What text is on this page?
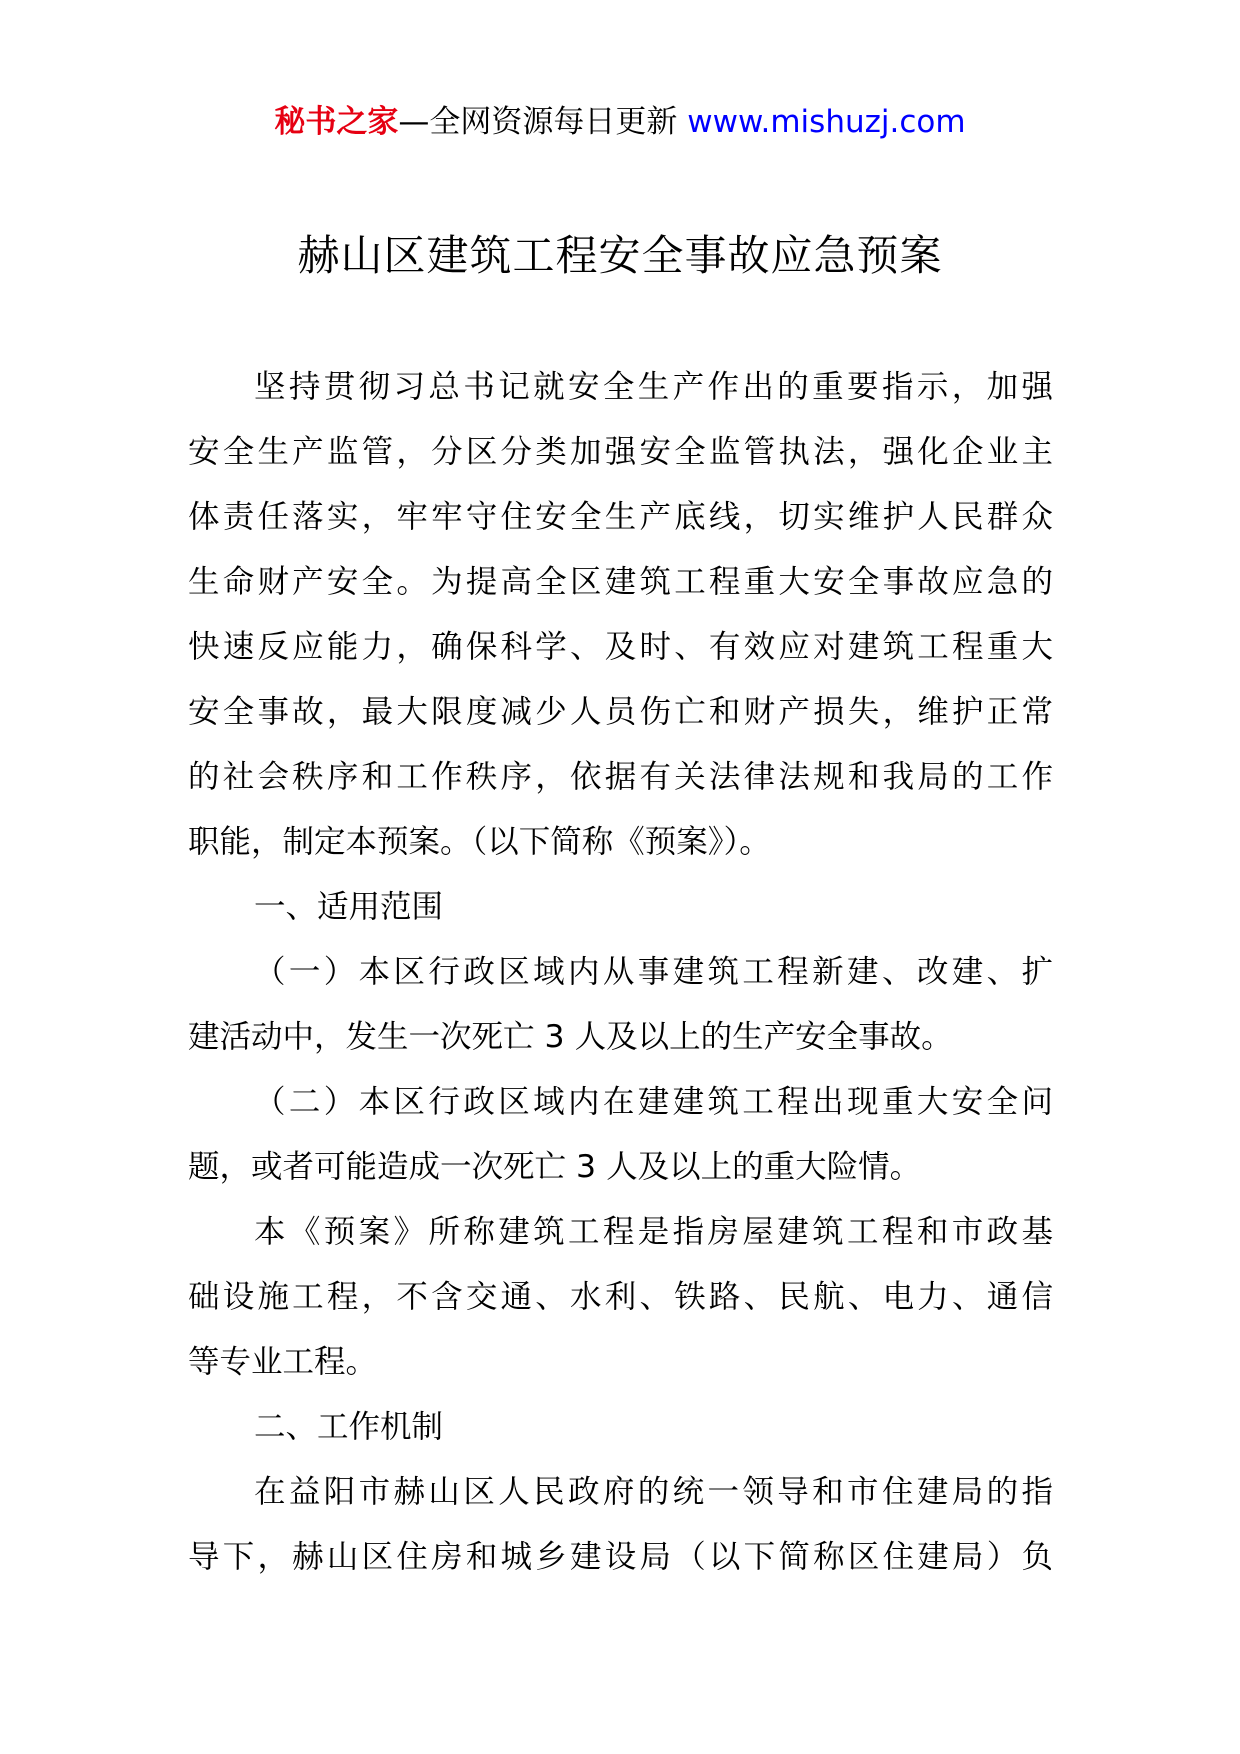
秘书之家—全网资源每日更新 www.mishuzj.com
赫山区建筑工程安全事故应急预案
坚持贯彻习总书记就安全生产作出的重要指示，加强
安全生产监管，分区分类加强安全监管执法，强化企业主
体责任落实，牢牢守住安全生产底线，切实维护人民群众
生命财产安全。为提高全区建筑工程重大安全事故应急的
快速反应能力，确保科学、及时、有效应对建筑工程重大
安全事故，最大限度减少人员伤亡和财产损失，维护正常
的社会秩序和工作秩序，依据有关法律法规和我局的工作
职能，制定本预案。（以下简称《预案》）。
一、适用范围
（一）本区行政区域内从事建筑工程新建、改建、扩
建活动中，发生一次死亡 3 人及以上的生产安全事故。
（二）本区行政区域内在建建筑工程出现重大安全问
题，或者可能造成一次死亡 3 人及以上的重大险情。
本《预案》所称建筑工程是指房屋建筑工程和市政基
础设施工程，不含交通、水利、铁路、民航、电力、通信
等专业工程。
二、工作机制
在益阳市赫山区人民政府的统一领导和市住建局的指
导下，赫山区住房和城乡建设局（以下简称区住建局）负
